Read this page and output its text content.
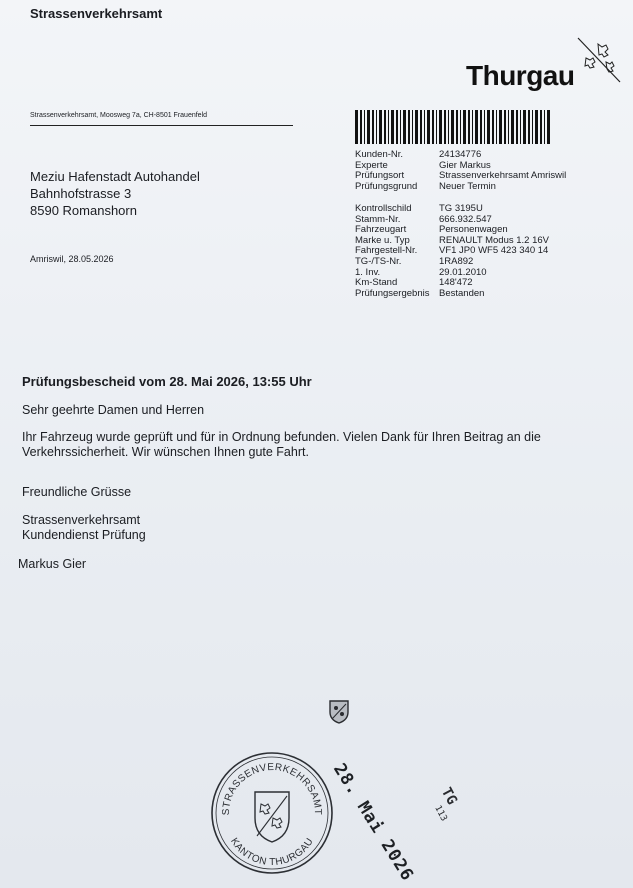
Strassenverkehrsamt
Thurgau
Strassenverkehrsamt, Moosweg 7a, CH-8501 Frauenfeld
Meziu Hafenstadt Autohandel
Bahnhofstrasse 3
8590 Romanshorn
Amriswil, 28.05.2026
Kunden-Nr.	24134776
Experte	Gier Markus
Prüfungsort	Strassenverkehrsamt Amriswil
Prüfungsgrund	Neuer Termin
Kontrollschild	TG 3195U
Stamm-Nr.	666.932.547
Fahrzeugart	Personenwagen
Marke u. Typ	RENAULT Modus 1.2 16V
Fahrgestell-Nr.	VF1 JP0 WF5 423 340 14
TG-/TS-Nr.	1RA892
1. Inv.	29.01.2010
Km-Stand	148'472
Prüfungsergebnis	Bestanden
Prüfungsbescheid vom 28. Mai 2026, 13:55 Uhr
Sehr geehrte Damen und Herren
Ihr Fahrzeug wurde geprüft und für in Ordnung befunden. Vielen Dank für Ihren Beitrag an die
Verkehrssicherheit. Wir wünschen Ihnen gute Fahrt.
Freundliche Grüsse
Strassenverkehrsamt
Kundendienst Prüfung
Markus Gier
28. Mai 2026 TG
113
STRASSENVERKEHRSAMT
KANTON THURGAU
